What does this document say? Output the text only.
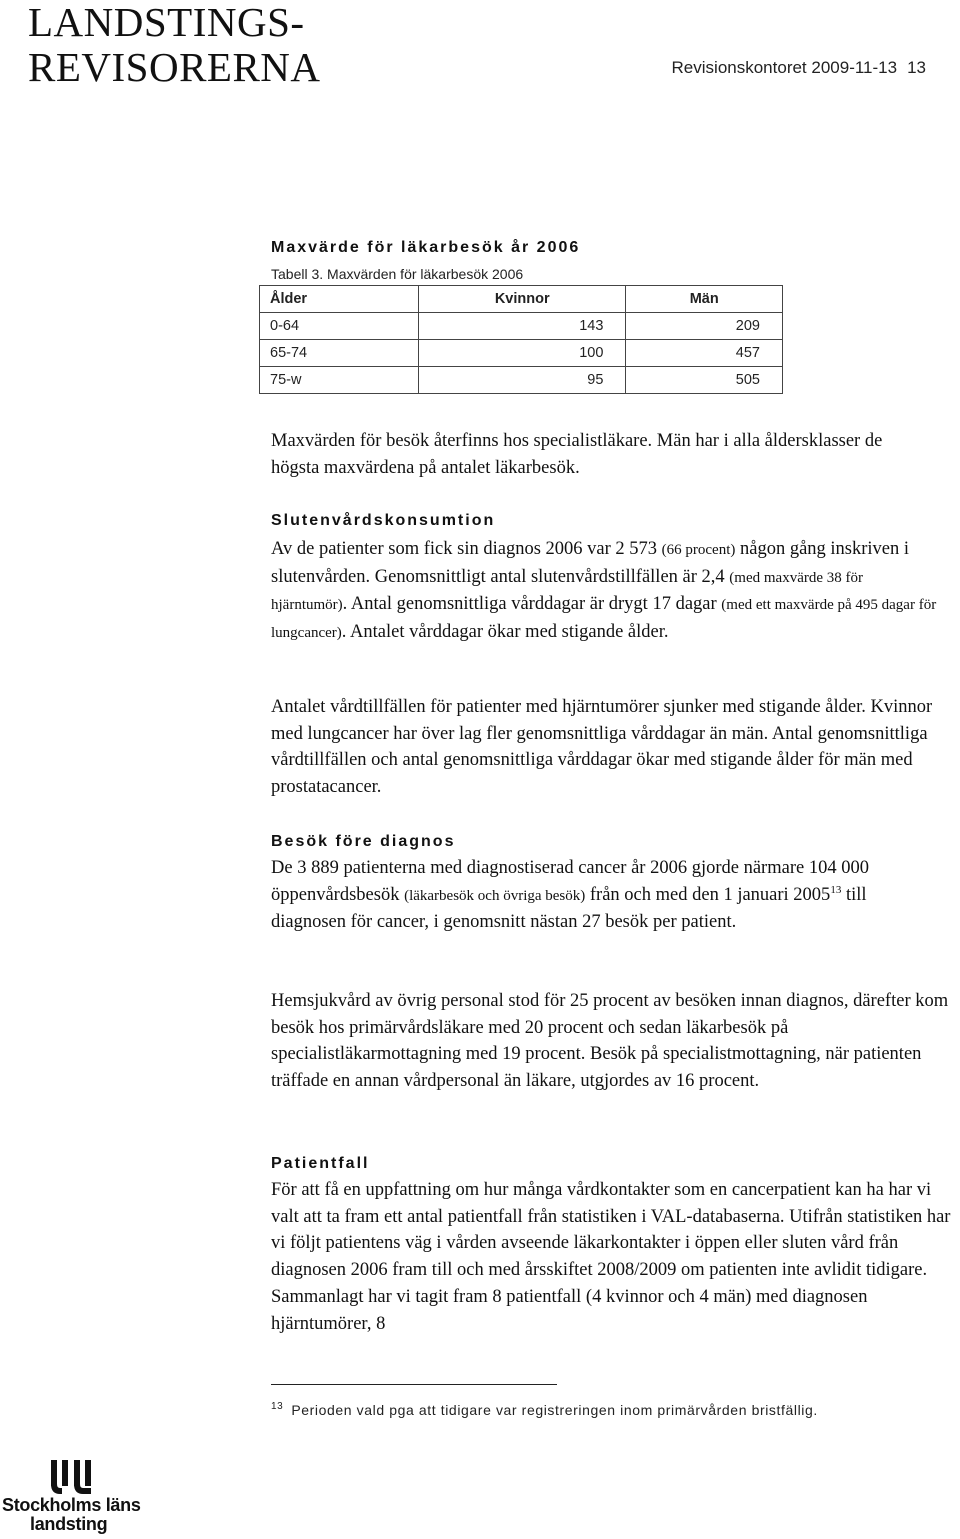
LANDSTINGS-
REVISORERNA	Revisionskontoret 2009-11-13 13
Maxvärde för läkarbesök år 2006
Tabell 3. Maxvärden för läkarbesök 2006
Ålder	Kvinnor	Män
0-64	143	209
65-74	100	457
75-w	95	505

Maxvärden för besök återfinns hos specialistläkare. Män har i alla åldersklasser de högsta maxvärdena på antalet läkarbesök.

Slutenvårdskonsumtion

Av de patienter som fick sin diagnos 2006 var 2 573 (66 procent) någon gång inskriven i slutenvården. Genomsnittligt antal slutenvårdstillfällen är 2,4 (med maxvärde 38 för hjärntumör). Antal genomsnittliga vårddagar är drygt 17 dagar (med ett maxvärde på 495 dagar för lungcancer). Antalet vårddagar ökar med stigande ålder.

Antalet vårdtillfällen för patienter med hjärntumörer sjunker med stigande ålder. Kvinnor med lungcancer har över lag fler genomsnittliga vårddagar än män. Antal genomsnittliga vårdtillfällen och antal genomsnittliga vårddagar ökar med stigande ålder för män med prostatacancer.

Besök före diagnos

De 3 889 patienterna med diagnostiserad cancer år 2006 gjorde närmare 104 000 öppenvårdsbesök (läkarbesök och övriga besök) från och med den 1 januari 2005$^{13}$ till diagnosen för cancer, i genomsnitt nästan 27 besök per patient.

Hemsjukvård av övrig personal stod för 25 procent av besöken innan diagnos, därefter kom besök hos primärvårdsläkare med 20 procent och sedan läkarbesök på specialistläkarmottagning med 19 procent. Besök på specialistmottagning, när patienten träffade en annan vårdpersonal än läkare, utgjordes av 16 procent.

Patientfall

För att få en uppfattning om hur många vårdkontakter som en cancerpatient kan ha har vi valt att ta fram ett antal patientfall från statistiken i VAL-databaserna. Utifrån statistiken har vi följt patientens väg i vården avseende läkarkontakter i öppen eller sluten vård från diagnosen 2006 fram till och med årsskiftet 2008/2009 om patienten inte avlidit tidigare. Sammanlagt har vi tagit fram 8 patientfall (4 kvinnor och 4 män) med diagnosen hjärntumörer, 8

$^{13}$ Perioden vald pga att tidigare var registreringen inom primärvården bristfällig.
Stockholms läns
landsting
